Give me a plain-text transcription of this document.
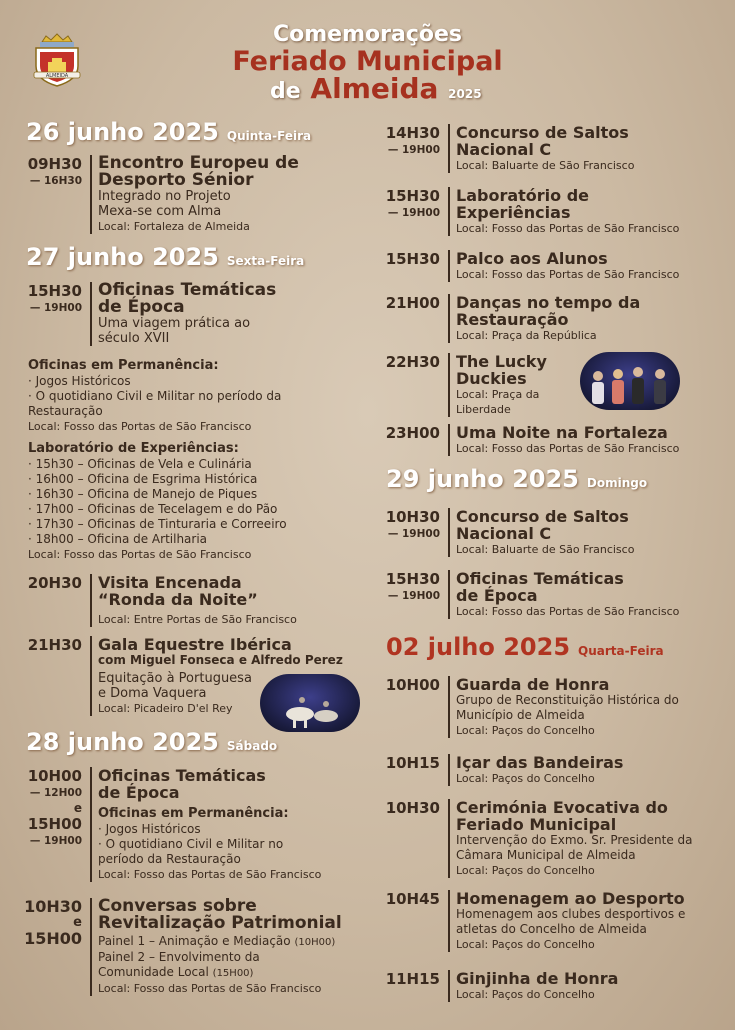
ALMEIDA
Comemorações
Feriado Municipal
de Almeida 2025
26 junho 2025 Quinta-Feira
09H30
— 16H30
Encontro Europeu de Desporto Sénior
Integrado no Projeto
Mexa-se com Alma
Local: Fortaleza de Almeida
27 junho 2025 Sexta-Feira
15H30
— 19H00
Oficinas Temáticas de Época
Uma viagem prática ao século XVII
Oficinas em Permanência:
· Jogos Históricos
· O quotidiano Civil e Militar no período da Restauração
Local: Fosso das Portas de São Francisco
Laboratório de Experiências:
· 15h30 – Oficinas de Vela e Culinária
· 16h00 – Oficina de Esgrima Histórica
· 16h30 – Oficina de Manejo de Piques
· 17h00 – Oficinas de Tecelagem e do Pão
· 17h30 – Oficinas de Tinturaria e Correeiro
· 18h00 – Oficina de Artilharia
Local: Fosso das Portas de São Francisco
20H30	Visita Encenada “Ronda da Noite”
Local: Entre Portas de São Francisco
21H30	Gala Equestre Ibérica
com Miguel Fonseca e Alfredo Perez
Equitação à Portuguesa e Doma Vaquera
Local: Picadeiro D'el Rey
28 junho 2025 Sábado
10H00
— 12H00
e
15H00
— 19H00
Oficinas Temáticas de Época
Oficinas em Permanência:
· Jogos Históricos
· O quotidiano Civil e Militar no período da Restauração
Local: Fosso das Portas de São Francisco
10H30
e
15H00
Conversas sobre Revitalização Patrimonial
Painel 1 – Animação e Mediação (10H00)
Painel 2 – Envolvimento da Comunidade Local (15H00)
Local: Fosso das Portas de São Francisco
14H30
— 19H00
Concurso de Saltos Nacional C
Local: Baluarte de São Francisco
15H30
— 19H00
Laboratório de Experiências
Local: Fosso das Portas de São Francisco
15H30	Palco aos Alunos
Local: Fosso das Portas de São Francisco
21H00	Danças no tempo da Restauração
Local: Praça da República
22H30	The Lucky Duckies
Local: Praça da Liberdade
23H00	Uma Noite na Fortaleza
Local: Fosso das Portas de São Francisco
29 junho 2025 Domingo
10H30
— 19H00
Concurso de Saltos Nacional C
Local: Baluarte de São Francisco
15H30
— 19H00
Oficinas Temáticas de Época
Local: Fosso das Portas de São Francisco
02 julho 2025 Quarta-Feira
10H00	Guarda de Honra
Grupo de Reconstituição Histórica do Município de Almeida
Local: Paços do Concelho
10H15	Içar das Bandeiras
Local: Paços do Concelho
10H30	Cerimónia Evocativa do Feriado Municipal
Intervenção do Exmo. Sr. Presidente da Câmara Municipal de Almeida
Local: Paços do Concelho
10H45	Homenagem ao Desporto
Homenagem aos clubes desportivos e atletas do Concelho de Almeida
Local: Paços do Concelho
11H15	Ginjinha de Honra
Local: Paços do Concelho
